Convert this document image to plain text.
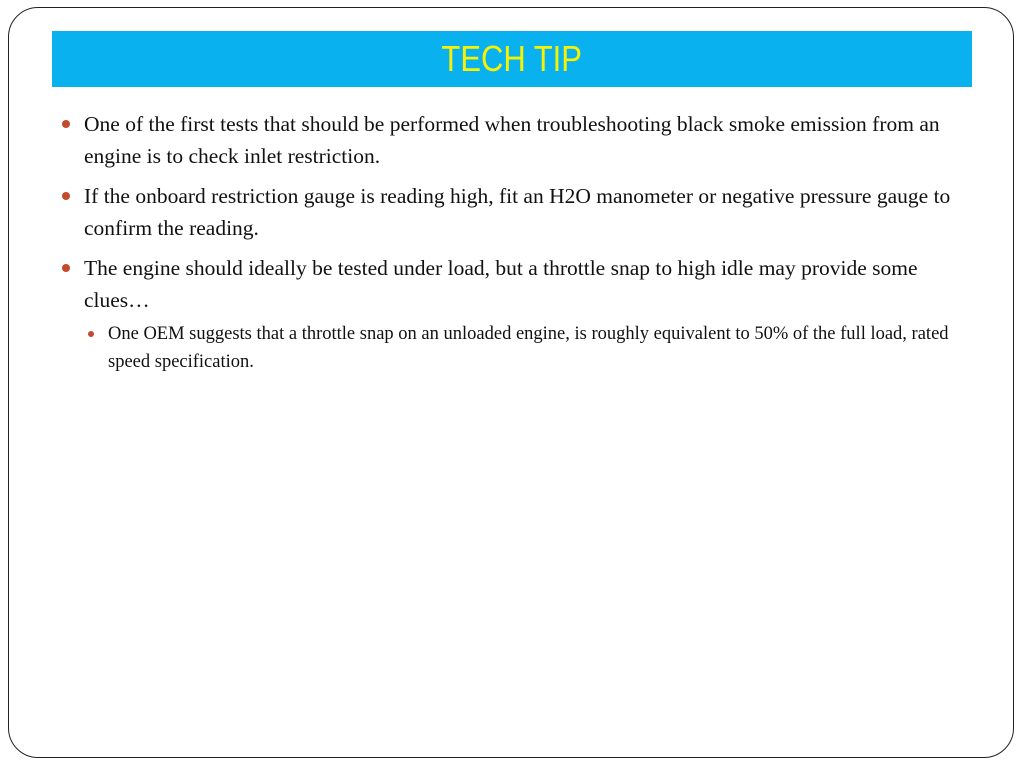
TECH TIP
One of the first tests that should be performed when troubleshooting black smoke emission from an engine is to check inlet restriction.
If the onboard restriction gauge is reading high, fit an H2O manometer or negative pressure gauge to confirm the reading.
The engine should ideally be tested under load, but a throttle snap to high idle may provide some clues…
One OEM suggests that a throttle snap on an unloaded engine, is roughly equivalent to 50% of the full load, rated speed specification.
